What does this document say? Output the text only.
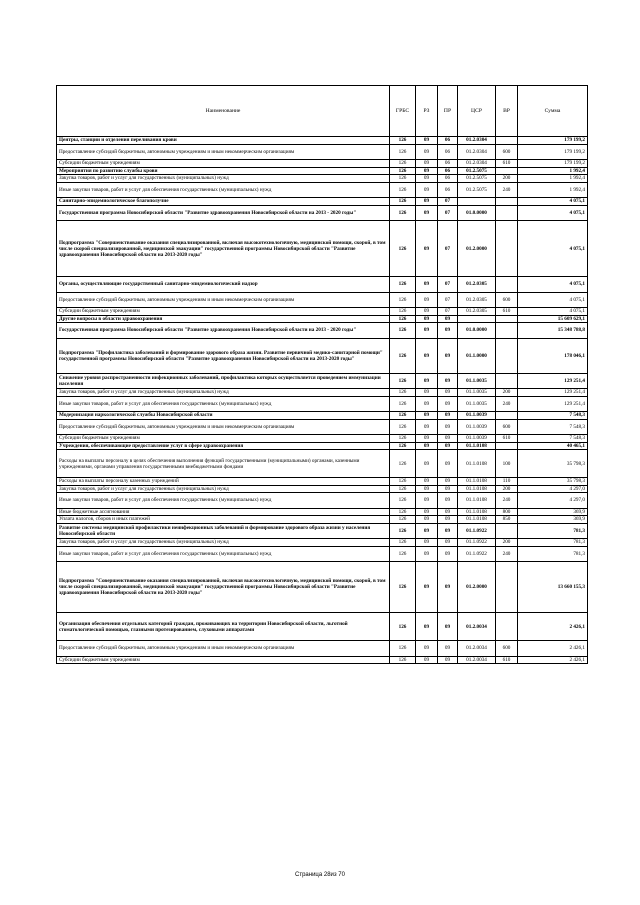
Наименование	ГРБС	РЗ	ПР	ЦСР	ВР	Сумма
Центры, станции и отделения переливания крови	126	09	06	01.2.0304		179 199,2
Предоставление субсидий бюджетным, автономным учреждениям и иным некоммерческим организациям	126	09	06	01.2.0304	600	179 199,2
Субсидии бюджетным учреждениям	126	09	06	01.2.0304	610	179 199,2
Мероприятия по развитию службы крови	126	09	06	01.2.5075		1 992,4
Закупка товаров, работ и услуг для государственных (муниципальных) нужд	126	09	06	01.2.5075	200	1 992,4
Иные закупки товаров, работ и услуг для обеспечения государственных (муниципальных) нужд	126	09	06	01.2.5075	240	1 992,4
Санитарно-эпидемиологическое благополучие	126	09	07			4 075,1
Государственная программа Новосибирской области "Развитие здравоохранения Новосибирской области на 2013 - 2020 годы"	126	09	07	01.0.0000		4 075,1
Подпрограмма "Совершенствование оказания специализированной, включая высокотехнологичную, медицинской помощи, скорой, в том числе скорой специализированной, медицинской эвакуации" государственной программы Новосибирской области "Развитие здравоохранения Новосибирской области на 2013-2020 годы"	126	09	07	01.2.0000		4 075,1
Органы, осуществляющие государственный санитарно-эпидемиологический надзор	126	09	07	01.2.0305		4 075,1
Предоставление субсидий бюджетным, автономным учреждениям и иным некоммерческим организациям	126	09	07	01.2.0305	600	4 075,1
Субсидии бюджетным учреждениям	126	09	07	01.2.0305	610	4 075,1
Другие вопросы в области здравоохранения	126	09	09			15 609 629,1
Государственная программа Новосибирской области "Развитие здравоохранения Новосибирской области на 2013 - 2020 годы"	126	09	09	01.0.0000		15 348 788,8
Подпрограмма "Профилактика заболеваний и формирование здорового образа жизни. Развитие первичной медико-санитарной помощи" государственной программы Новосибирской области "Развитие здравоохранения Новосибирской области на 2013-2020 годы"	126	09	09	01.1.0000		178 046,1
Снижение уровня распространенности инфекционных заболеваний, профилактика которых осуществляется проведением иммунизации населения	126	09	09	01.1.0035		129 251,4
Закупка товаров, работ и услуг для государственных (муниципальных) нужд	126	09	09	01.1.0035	200	129 251,4
Иные закупки товаров, работ и услуг для обеспечения государственных (муниципальных) нужд	126	09	09	01.1.0035	240	129 251,4
Модернизация наркологической службы Новосибирской области	126	09	09	01.1.0039		7 548,3
Предоставление субсидий бюджетным, автономным учреждениям и иным некоммерческим организациям	126	09	09	01.1.0039	600	7 548,3
Субсидии бюджетным учреждениям	126	09	09	01.1.0039	610	7 548,3
Учреждения, обеспечивающие предоставление услуг в сфере здравоохранения	126	09	09	01.1.0108		40 465,1
Расходы на выплаты персоналу в целях обеспечения выполнения функций государственными (муниципальными) органами, казенными учреждениями, органами управления государственными внебюджетными фондами	126	09	09	01.1.0108	100	35 798,3
Расходы на выплаты персоналу казенных учреждений	126	09	09	01.1.0108	110	35 798,3
Закупка товаров, работ и услуг для государственных (муниципальных) нужд	126	09	09	01.1.0108	200	4 297,0
Иные закупки товаров, работ и услуг для обеспечения государственных (муниципальных) нужд	126	09	09	01.1.0108	240	4 297,0
Иные бюджетные ассигнования	126	09	09	01.1.0108	800	369,9
Уплата налогов, сборов и иных платежей	126	09	09	01.1.0108	850	369,9
Развитие системы медицинской профилактики неинфекционных заболеваний и формирование здорового образа жизни у населения Новосибирской области	126	09	09	01.1.0922		781,3
Закупка товаров, работ и услуг для государственных (муниципальных) нужд	126	09	09	01.1.0922	200	781,3
Иные закупки товаров, работ и услуг для обеспечения государственных (муниципальных) нужд	126	09	09	01.1.0922	240	781,3
Подпрограмма "Совершенствование оказания специализированной, включая высокотехнологичную, медицинской помощи, скорой, в том числе скорой специализированной, медицинской эвакуации" государственной программы Новосибирской области "Развитие здравоохранения Новосибирской области на 2013-2020 годы"	126	09	09	01.2.0000		13 660 155,3
Организация обеспечения отдельных категорий граждан, проживающих на территории Новосибирской области, льготной стоматологической помощью, глазными протезированием, слуховыми аппаратами	126	09	09	01.2.0034		2 426,1
Предоставление субсидий бюджетным, автономным учреждениям и иным некоммерческим организациям	126	09	09	01.2.0034	600	2 426,1
Субсидии бюджетным учреждениям	126	09	09	01.2.0034	610	2 426,1
Страница 28из 70
